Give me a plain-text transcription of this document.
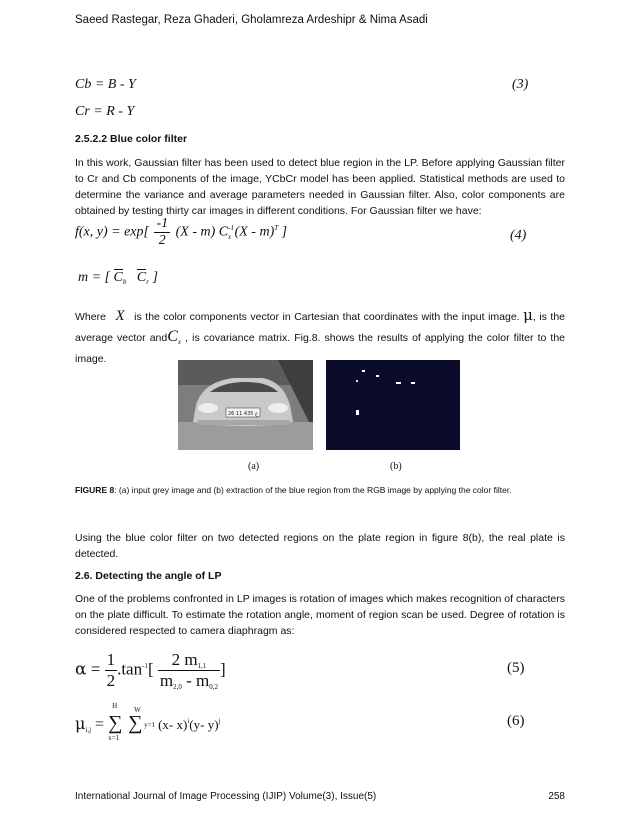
Saeed Rastegar, Reza Ghaderi, Gholamreza Ardeshipr & Nima Asadi
Cb = B - Y	(3)
Cr = R - Y
2.5.2.2 Blue color filter
In this work, Gaussian filter has been used to detect blue region in the LP. Before applying Gaussian filter to Cr and Cb components of the image, YCbCr model has been applied. Statistical methods are used to determine the variance and average parameters needed in Gaussian filter. Also, color components are obtained by testing thirty car images in different conditions. For Gaussian filter we have:
f(x, $y) = \exp[ \frac{-1}{2} (X - m)$ $C^{-1}_x$ (X - m)$^T$ ]	(4)
m = [ $C_b$ $C_r$ ]
Where X is the color components vector in Cartesian that coordinates with the input image. μ, is the average vector andC$_x$ , is covariance matrix. Fig.8. shows the results of applying the color filter to the image.
26 ع 435 11
(a)	(b)
FIGURE 8: (a) input grey image and (b) extraction of the blue region from the RGB image by applying the color filter.
Using the blue color filter on two detected regions on the plate region in figure 8(b), the real plate is detected.
2.6. Detecting the angle of LP
One of the problems confronted in LP images is rotation of images which makes recognition of characters on the plate difficult. To estimate the rotation angle, moment of region scan be used. Degree of rotation is considered respected to camera diaphragm as:
$\alpha = \frac{1}{2} .\tan^{-1}[ \frac{2 m1,1}{m2,0 - m0,2}$ ]	(5)
μi,j =
H
∑
x=1

W
∑ y=1 (x- x)$^i$(y- y)$^j$	(6)
International Journal of Image Processing (IJIP) Volume(3), Issue(5)	258
